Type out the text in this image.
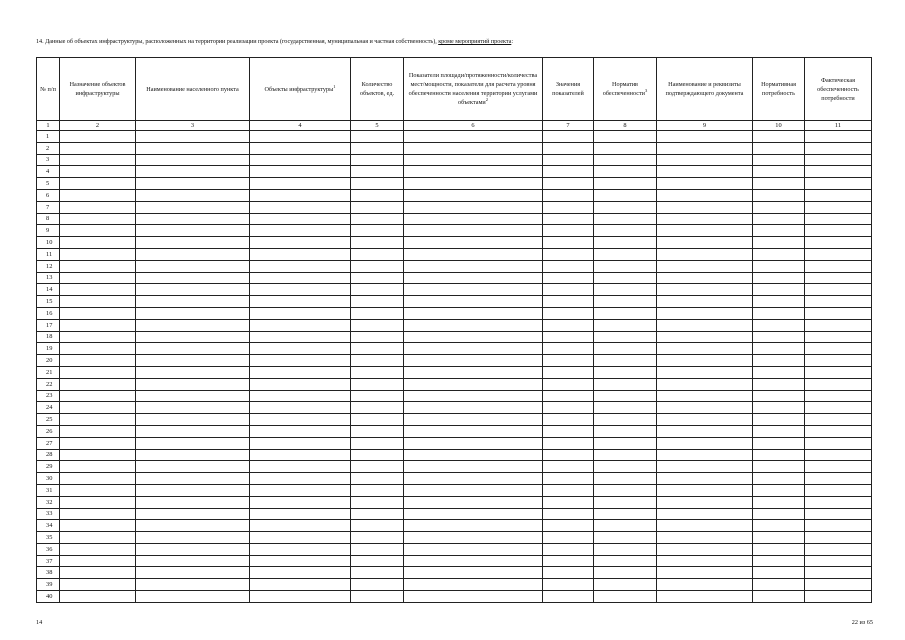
14. Данные об объектах инфраструктуры, расположенных на территории реализации проекта (государственная, муниципальная и частная собственность), кроме мероприятий проекта:
№ п/п	Назначение объектов инфраструктуры	Наименование населенного пункта	Объекты инфраструктуры$^1$	Количество объектов, ед.	Показатели площади/протяженности/количества мест/мощности, показатели для расчета уровня обеспеченности населения территории услугами объектами$^2$	Значения показателей	Норматив обеспеченности$^3$	Наименование и реквизиты подтверждающего документа	Нормативная потребность	Фактическая обеспеченность потребности
1	2	3	4	5	6	7	8	9	10	11
1										
2										
3										
4										
5										
6										
7										
8										
9										
10										
11										
12										
13										
14										
15										
16										
17										
18										
19										
20										
21										
22										
23										
24										
25										
26										
27										
28										
29										
30										
31										
32										
33										
34										
35										
36										
37										
38										
39										
40										
14	22 из 65
